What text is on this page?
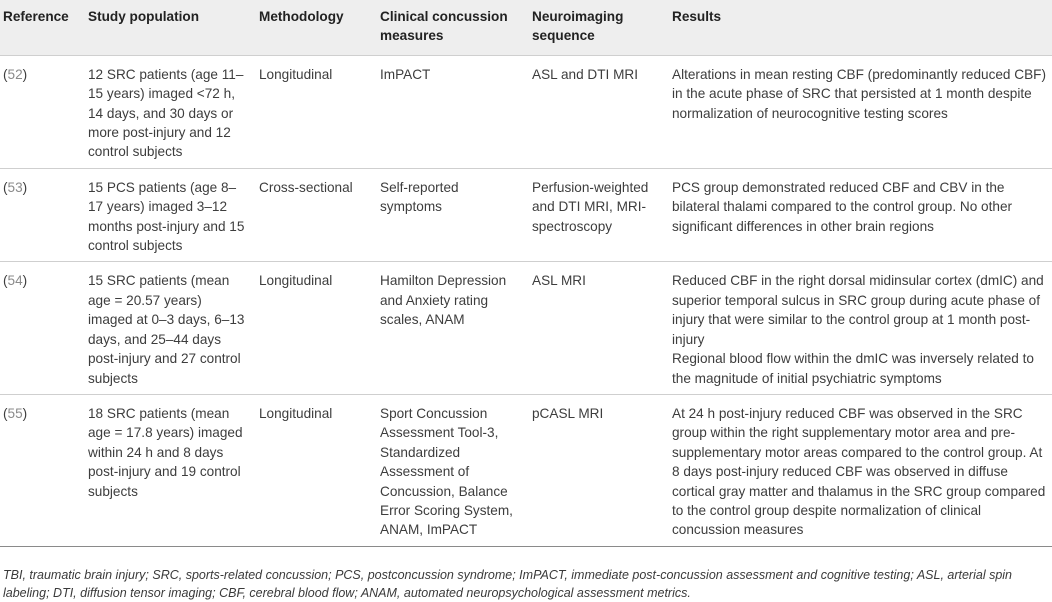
Reference	Study population	Methodology	Clinical concussion measures	Neuroimaging sequence	Results
(52)	12 SRC patients (age 11–15 years) imaged <72 h, 14 days, and 30 days or more post-injury and 12 control subjects	Longitudinal	ImPACT	ASL and DTI MRI	Alterations in mean resting CBF (predominantly reduced CBF) in the acute phase of SRC that persisted at 1 month despite normalization of neurocognitive testing scores

(53)	15 PCS patients (age 8–17 years) imaged 3–12 months post-injury and 15 control subjects	Cross-sectional	Self-reported symptoms	Perfusion-weighted and DTI MRI, MRI-spectroscopy	PCS group demonstrated reduced CBF and CBV in the bilateral thalami compared to the control group. No other significant differences in other brain regions

(54)	15 SRC patients (mean age = 20.57 years) imaged at 0–3 days, 6–13 days, and 25–44 days post-injury and 27 control subjects	Longitudinal	Hamilton Depression and Anxiety rating scales, ANAM	ASL MRI	Reduced CBF in the right dorsal midinsular cortex (dmIC) and superior temporal sulcus in SRC group during acute phase of injury that were similar to the control group at 1 month post-injury
Regional blood flow within the dmIC was inversely related to the magnitude of initial psychiatric symptoms

(55)	18 SRC patients (mean age = 17.8 years) imaged within 24 h and 8 days post-injury and 19 control subjects	Longitudinal	Sport Concussion Assessment Tool-3, Standardized Assessment of Concussion, Balance Error Scoring System, ANAM, ImPACT	pCASL MRI	At 24 h post-injury reduced CBF was observed in the SRC group within the right supplementary motor area and pre-supplementary motor areas compared to the control group. At 8 days post-injury reduced CBF was observed in diffuse cortical gray matter and thalamus in the SRC group compared to the control group despite normalization of clinical concussion measures
TBI, traumatic brain injury; SRC, sports-related concussion; PCS, postconcussion syndrome; ImPACT, immediate post-concussion assessment and cognitive testing; ASL, arterial spin labeling; DTI, diffusion tensor imaging; CBF, cerebral blood flow; ANAM, automated neuropsychological assessment metrics.
